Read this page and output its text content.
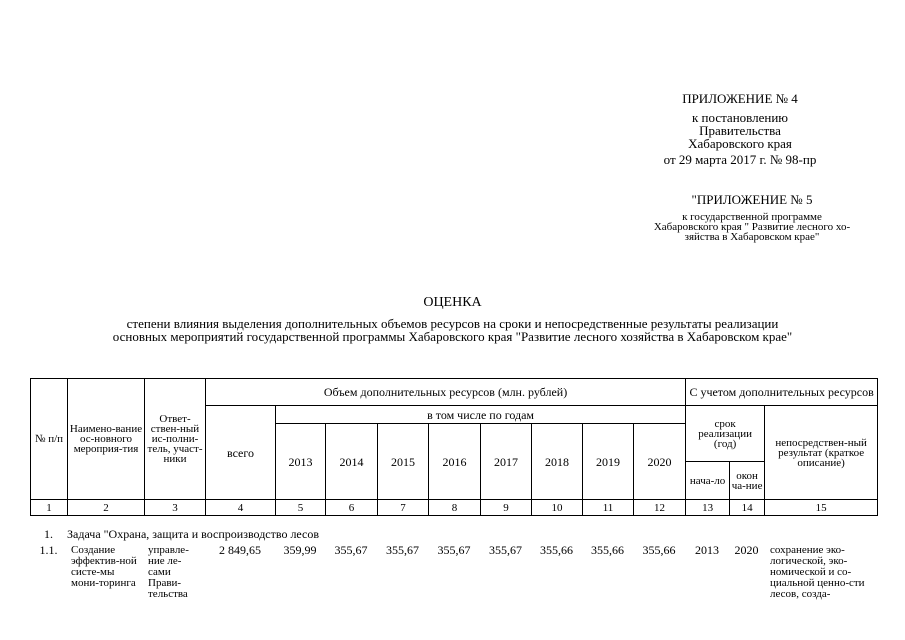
ПРИЛОЖЕНИЕ № 4
к постановлению
Правительства
Хабаровского края
от 29 марта 2017 г. № 98-пр
"ПРИЛОЖЕНИЕ № 5
к государственной программе
Хабаровского края " Развитие лесного хо-
зяйства в Хабаровском крае"
ОЦЕНКА
степени влияния выделения дополнительных объемов ресурсов на сроки и непосредственные результаты реализации
основных мероприятий государственной программы Хабаровского края "Развитие лесного хозяйства в Хабаровском крае"
№ п/п	Наимено-вание ос-новного мероприя-тия	Ответ-ствен-ный ис-полни-тель, участ-ники	Объем дополнительных ресурсов (млн. рублей)									С учетом дополнительных ресурсов		
			всего	в том числе по годам								срок реализации (год)		непосредствен-ный результат (краткое описание)
				2013	2014	2015	2016	2017	2018	2019	2020			
												нача-ло	окон ча-ние	
1	2	3	4	5	6	7	8	9	10	11	12	13	14	15
1. Задача "Охрана, защита и воспроизводство лесов
1.1.	Создание эффектив-ной систе-мы мони-торинга	управле-ние ле-сами Прави-тельства	2 849,65	359,99	355,67	355,67	355,67	355,67	355,66	355,66	355,66	2013	2020	сохранение эко-логической, эко-номической и со-циальной ценно-сти лесов, созда-
